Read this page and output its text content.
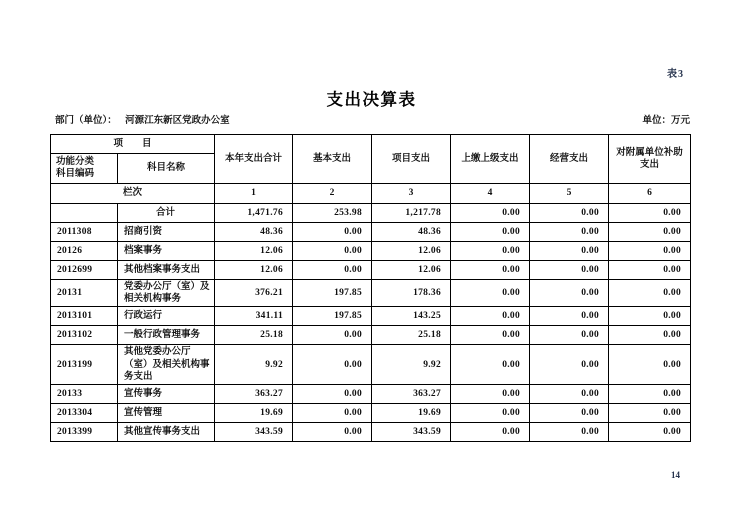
表3
支出决算表
部门（单位）： 河源江东新区党政办公室	单位：万元
项　　目		本年支出合计	基本支出	项目支出	上缴上级支出	经营支出	对附属单位补助支出
功能分类
科目编码	科目名称						
栏次		1	2	3	4	5	6
	合计	1,471.76	253.98	1,217.78	0.00	0.00	0.00
2011308	招商引资	48.36	0.00	48.36	0.00	0.00	0.00
20126	档案事务	12.06	0.00	12.06	0.00	0.00	0.00
2012699	其他档案事务支出	12.06	0.00	12.06	0.00	0.00	0.00
20131	党委办公厅（室）及相关机构事务	376.21	197.85	178.36	0.00	0.00	0.00
2013101	行政运行	341.11	197.85	143.25	0.00	0.00	0.00
2013102	一般行政管理事务	25.18	0.00	25.18	0.00	0.00	0.00
2013199	其他党委办公厅（室）及相关机构事务支出	9.92	0.00	9.92	0.00	0.00	0.00
20133	宣传事务	363.27	0.00	363.27	0.00	0.00	0.00
2013304	宣传管理	19.69	0.00	19.69	0.00	0.00	0.00
2013399	其他宣传事务支出	343.59	0.00	343.59	0.00	0.00	0.00
14
